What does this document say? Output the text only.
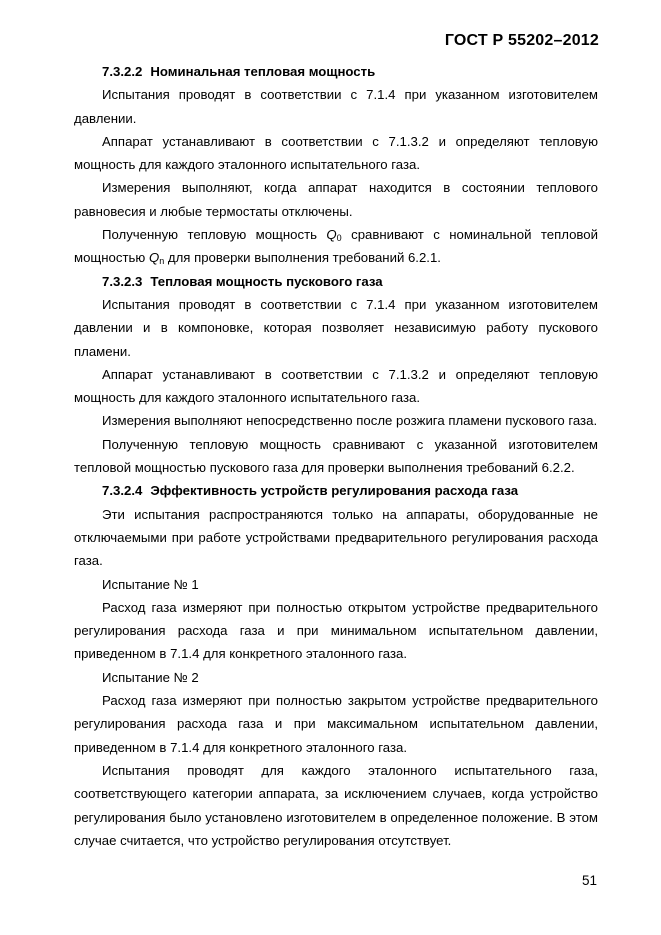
ГОСТ Р 55202–2012

7.3.2.2 Номинальная тепловая мощность

Испытания проводят в соответствии с 7.1.4 при указанном изготовителем давлении.

Аппарат устанавливают в соответствии с 7.1.3.2 и определяют тепловую мощность для каждого эталонного испытательного газа.

Измерения выполняют, когда аппарат находится в состоянии теплового равновесия и любые термостаты отключены.

Полученную тепловую мощность $Q_0$ сравнивают с номинальной тепловой мощностью $Q_n$ для проверки выполнения требований 6.2.1.

7.3.2.3 Тепловая мощность пускового газа

Испытания проводят в соответствии с 7.1.4 при указанном изготовителем давлении и в компоновке, которая позволяет независимую работу пускового пламени.

Аппарат устанавливают в соответствии с 7.1.3.2 и определяют тепловую мощность для каждого эталонного испытательного газа.

Измерения выполняют непосредственно после розжига пламени пускового газа.

Полученную тепловую мощность сравнивают с указанной изготовителем тепловой мощностью пускового газа для проверки выполнения требований 6.2.2.

7.3.2.4 Эффективность устройств регулирования расхода газа

Эти испытания распространяются только на аппараты, оборудованные не отключаемыми при работе устройствами предварительного регулирования расхода газа.

Испытание № 1

Расход газа измеряют при полностью открытом устройстве предварительного регулирования расхода газа и при минимальном испытательном давлении, приведенном в 7.1.4 для конкретного эталонного газа.

Испытание № 2

Расход газа измеряют при полностью закрытом устройстве предварительного регулирования расхода газа и при максимальном испытательном давлении, приведенном в 7.1.4 для конкретного эталонного газа.

Испытания проводят для каждого эталонного испытательного газа, соответствующего категории аппарата, за исключением случаев, когда устройство регулирования было установлено изготовителем в определенное положение. В этом случае считается, что устройство регулирования отсутствует.

51
